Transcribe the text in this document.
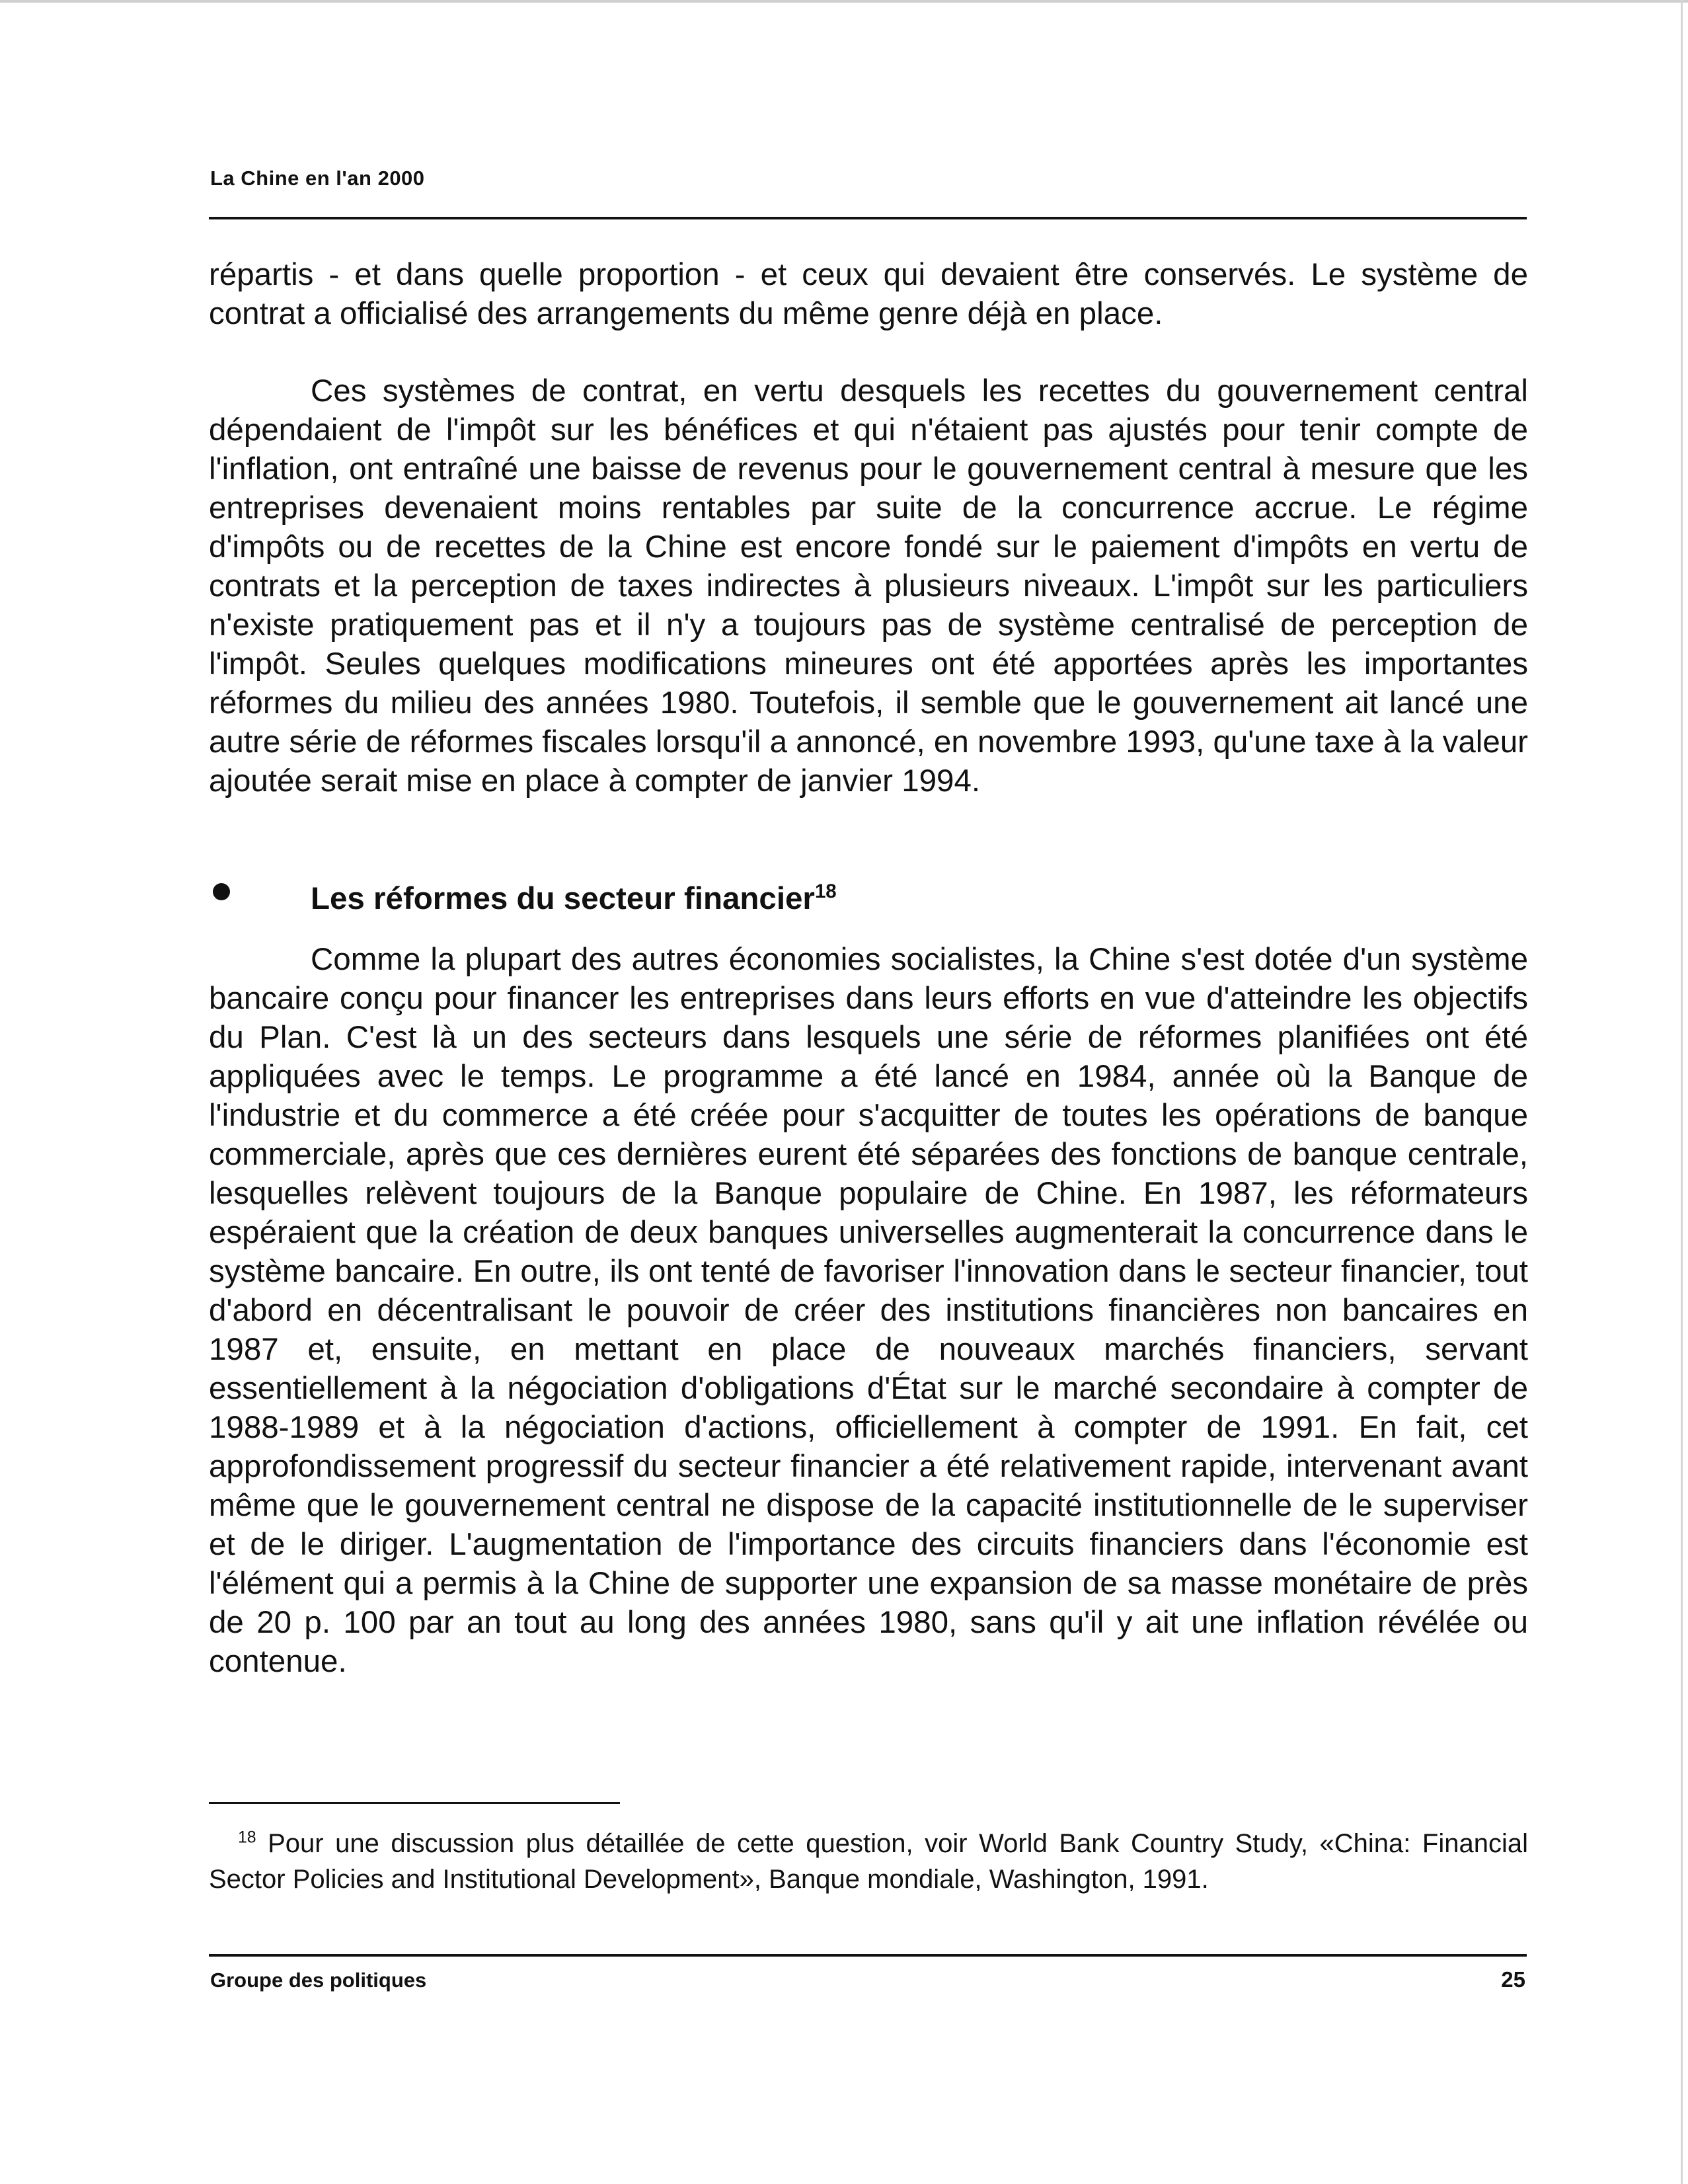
La Chine en l'an 2000

répartis - et dans quelle proportion - et ceux qui devaient être conservés. Le système de contrat a officialisé des arrangements du même genre déjà en place.

Ces systèmes de contrat, en vertu desquels les recettes du gouvernement central dépendaient de l'impôt sur les bénéfices et qui n'étaient pas ajustés pour tenir compte de l'inflation, ont entraîné une baisse de revenus pour le gouvernement central à mesure que les entreprises devenaient moins rentables par suite de la concurrence accrue. Le régime d'impôts ou de recettes de la Chine est encore fondé sur le paiement d'impôts en vertu de contrats et la perception de taxes indirectes à plusieurs niveaux. L'impôt sur les particuliers n'existe pratiquement pas et il n'y a toujours pas de système centralisé de perception de l'impôt. Seules quelques modifications mineures ont été apportées après les importantes réformes du milieu des années 1980. Toutefois, il semble que le gouvernement ait lancé une autre série de réformes fiscales lorsqu'il a annoncé, en novembre 1993, qu'une taxe à la valeur ajoutée serait mise en place à compter de janvier 1994.

Les réformes du secteur financier$^{18}$

Comme la plupart des autres économies socialistes, la Chine s'est dotée d'un système bancaire conçu pour financer les entreprises dans leurs efforts en vue d'atteindre les objectifs du Plan. C'est là un des secteurs dans lesquels une série de réformes planifiées ont été appliquées avec le temps. Le programme a été lancé en 1984, année où la Banque de l'industrie et du commerce a été créée pour s'acquitter de toutes les opérations de banque commerciale, après que ces dernières eurent été séparées des fonctions de banque centrale, lesquelles relèvent toujours de la Banque populaire de Chine. En 1987, les réformateurs espéraient que la création de deux banques universelles augmenterait la concurrence dans le système bancaire. En outre, ils ont tenté de favoriser l'innovation dans le secteur financier, tout d'abord en décentralisant le pouvoir de créer des institutions financières non bancaires en 1987 et, ensuite, en mettant en place de nouveaux marchés financiers, servant essentiellement à la négociation d'obligations d'État sur le marché secondaire à compter de 1988-1989 et à la négociation d'actions, officiellement à compter de 1991. En fait, cet approfondissement progressif du secteur financier a été relativement rapide, intervenant avant même que le gouvernement central ne dispose de la capacité institutionnelle de le superviser et de le diriger. L'augmentation de l'importance des circuits financiers dans l'économie est l'élément qui a permis à la Chine de supporter une expansion de sa masse monétaire de près de 20 p. 100 par an tout au long des années 1980, sans qu'il y ait une inflation révélée ou contenue.

$^{18}$ Pour une discussion plus détaillée de cette question, voir World Bank Country Study, «China: Financial Sector Policies and Institutional Development», Banque mondiale, Washington, 1991.

Groupe des politiques	25
